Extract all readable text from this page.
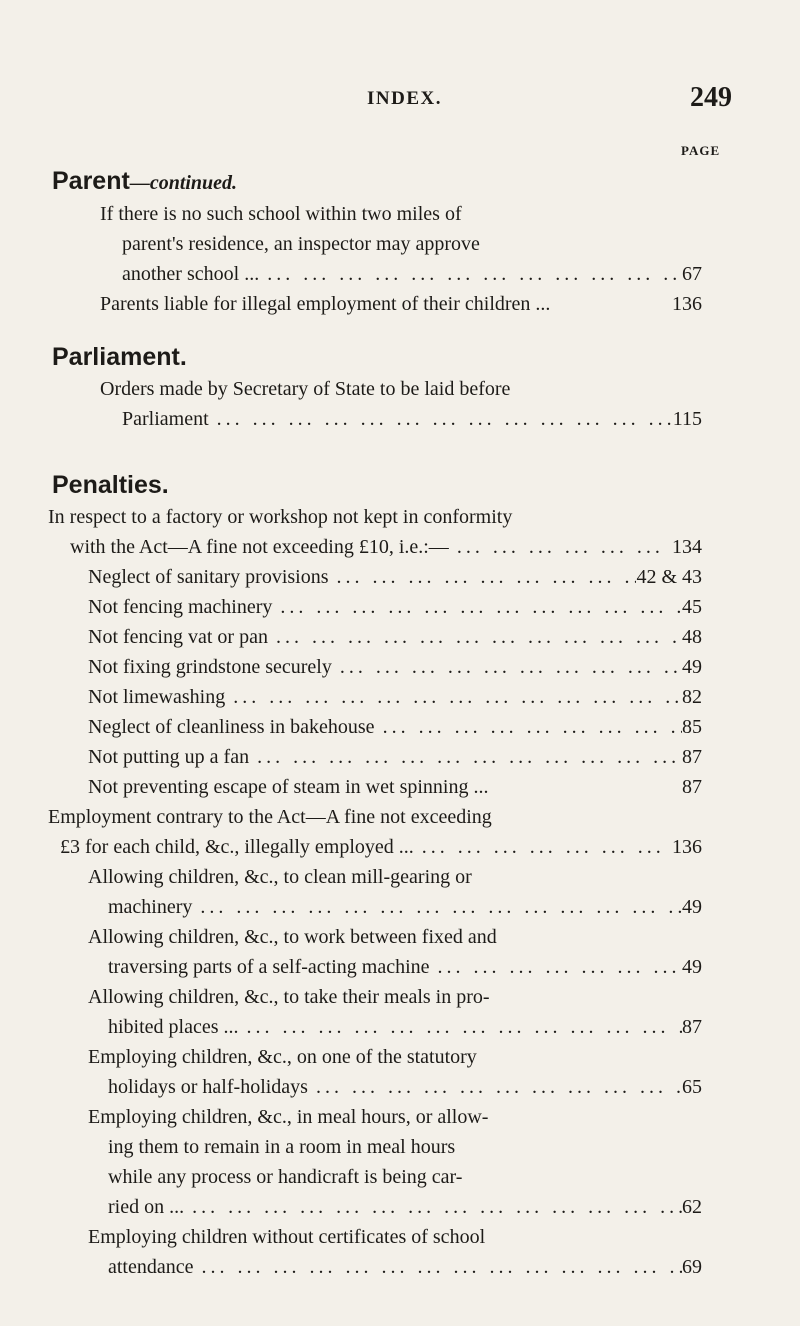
INDEX.	249
PAGE
Parent—continued.
If there is no such school within two miles of
parent's residence, an inspector may approve
another school ... ... .	67
Parents liable for illegal employment of their children ...	136
Parliament.
Orders made by Secretary of State to be laid before
Parliament ... .	115
Penalties.
In respect to a factory or workshop not kept in conformity
with the Act—A fine not exceeding £10, i.e.:— ... .	134
Neglect of sanitary provisions ... .	42 & 43
Not fencing machinery ... .	45
Not fencing vat or pan ... .	48
Not fixing grindstone securely ... .	49
Not limewashing ... .	82
Neglect of cleanliness in bakehouse ... .	85
Not putting up a fan ... .	87
Not preventing escape of steam in wet spinning ...	87
Employment contrary to the Act—A fine not exceeding
£3 for each child, &c., illegally employed ... ... .	136
Allowing children, &c., to clean mill-gearing or
machinery ... .	49
Allowing children, &c., to work between fixed and
traversing parts of a self-acting machine ... .	49
Allowing children, &c., to take their meals in pro-
hibited places ... ... .	87
Employing children, &c., on one of the statutory
holidays or half-holidays ... .	65
Employing children, &c., in meal hours, or allow-
ing them to remain in a room in meal hours
while any process or handicraft is being car-
ried on ... ... .	62
Employing children without certificates of school
attendance ... .	69
